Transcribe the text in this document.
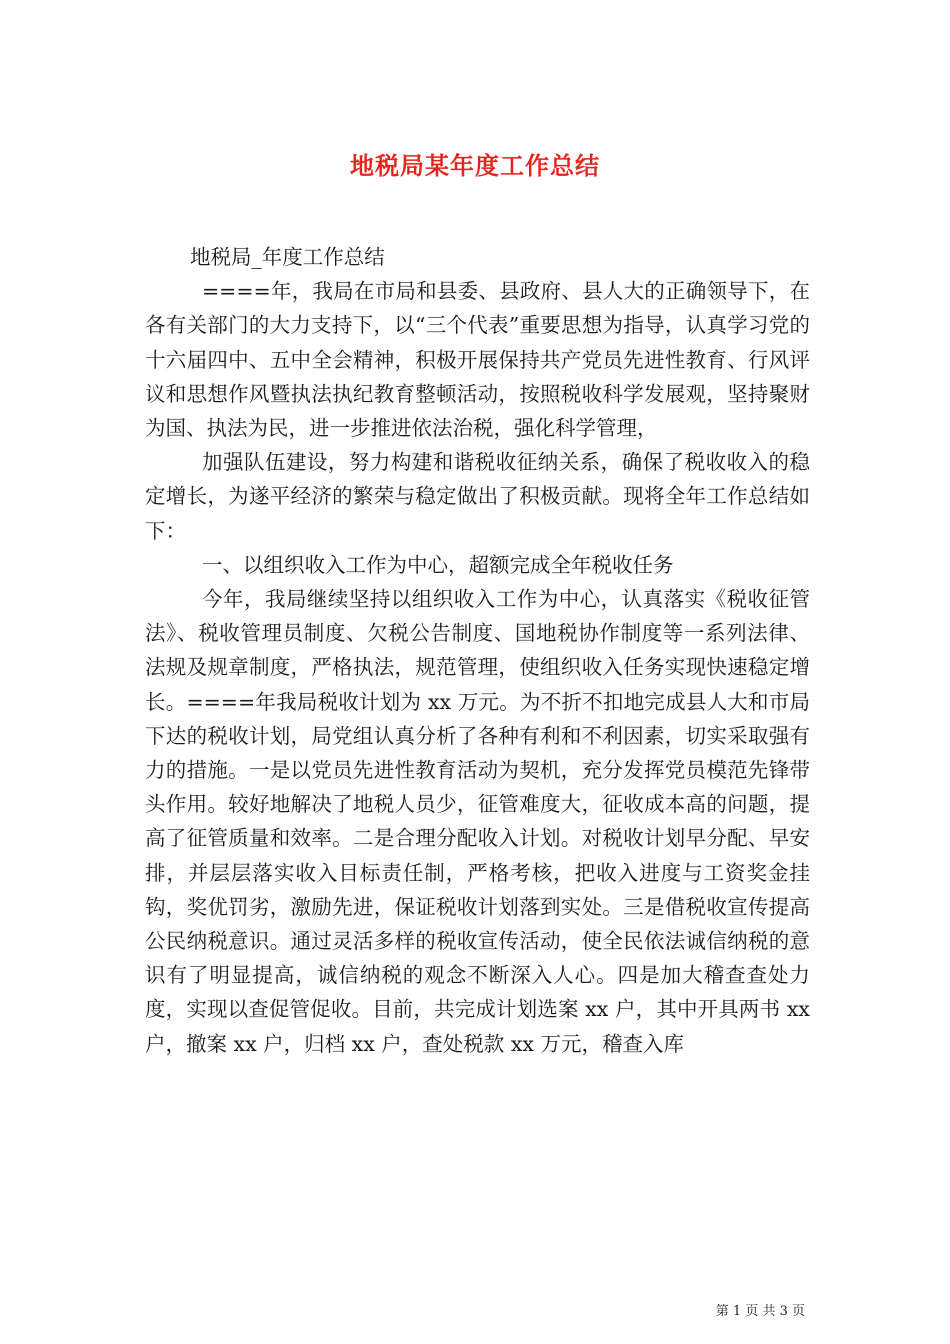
地税局某年度工作总结

地税局_年度工作总结

====年，我局在市局和县委、县政府、县人大的正确领导下，在各有关部门的大力支持下，以“三个代表”重要思想为指导，认真学习党的十六届四中、五中全会精神，积极开展保持共产党员先进性教育、行风评议和思想作风暨执法执纪教育整顿活动，按照税收科学发展观，坚持聚财为国、执法为民，进一步推进依法治税，强化科学管理，

加强队伍建设，努力构建和谐税收征纳关系，确保了税收收入的稳定增长，为遂平经济的繁荣与稳定做出了积极贡献。现将全年工作总结如下：

一、以组织收入工作为中心，超额完成全年税收任务

今年，我局继续坚持以组织收入工作为中心，认真落实《税收征管法》、税收管理员制度、欠税公告制度、国地税协作制度等一系列法律、法规及规章制度，严格执法，规范管理，使组织收入任务实现快速稳定增长。====年我局税收计划为 xx 万元。为不折不扣地完成县人大和市局下达的税收计划，局党组认真分析了各种有利和不利因素，切实采取强有力的措施。一是以党员先进性教育活动为契机，充分发挥党员模范先锋带头作用。较好地解决了地税人员少，征管难度大，征收成本高的问题，提高了征管质量和效率。二是合理分配收入计划。对税收计划早分配、早安排，并层层落实收入目标责任制，严格考核，把收入进度与工资奖金挂钩，奖优罚劣，激励先进，保证税收计划落到实处。三是借税收宣传提高公民纳税意识。通过灵活多样的税收宣传活动，使全民依法诚信纳税的意识有了明显提高，诚信纳税的观念不断深入人心。四是加大稽查查处力度，实现以查促管促收。目前，共完成计划选案 xx 户，其中开具两书 xx 户，撤案 xx 户，归档 xx 户，查处税款 xx 万元，稽查入库

第 1 页 共 3 页
